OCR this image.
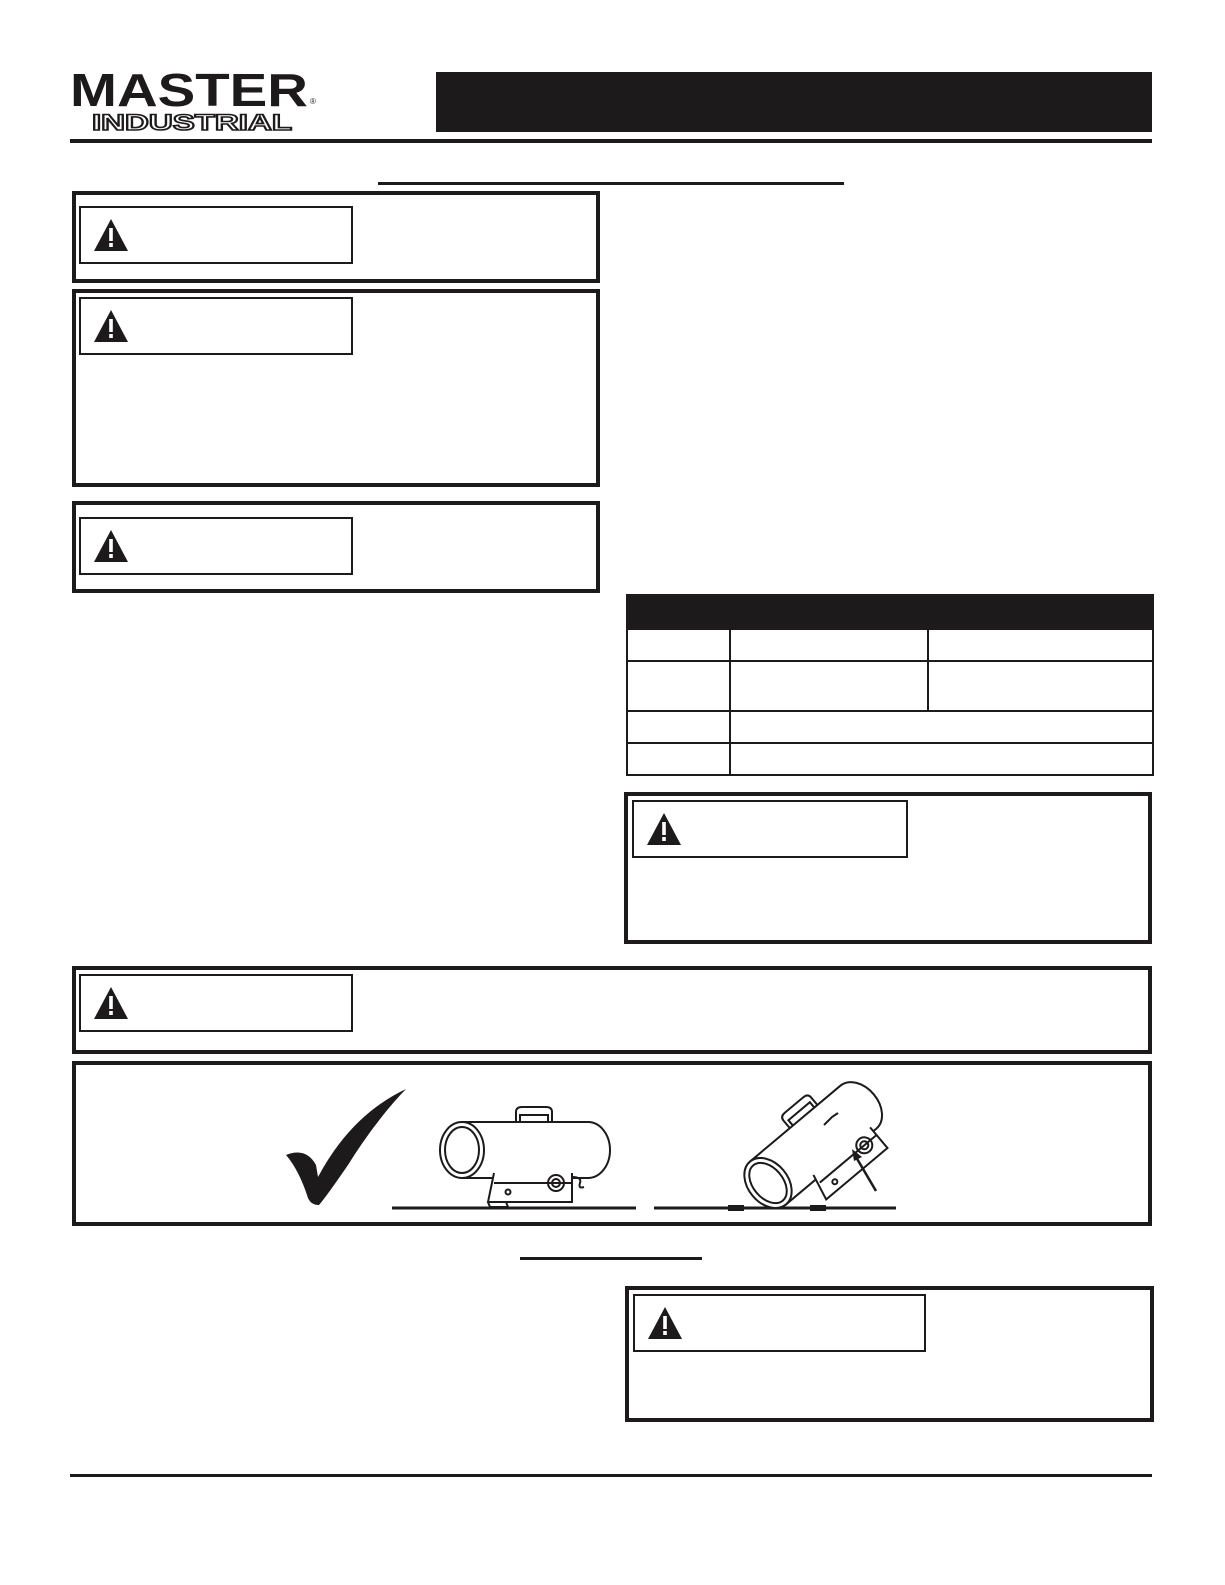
MASTER ®
INDUSTRIAL
